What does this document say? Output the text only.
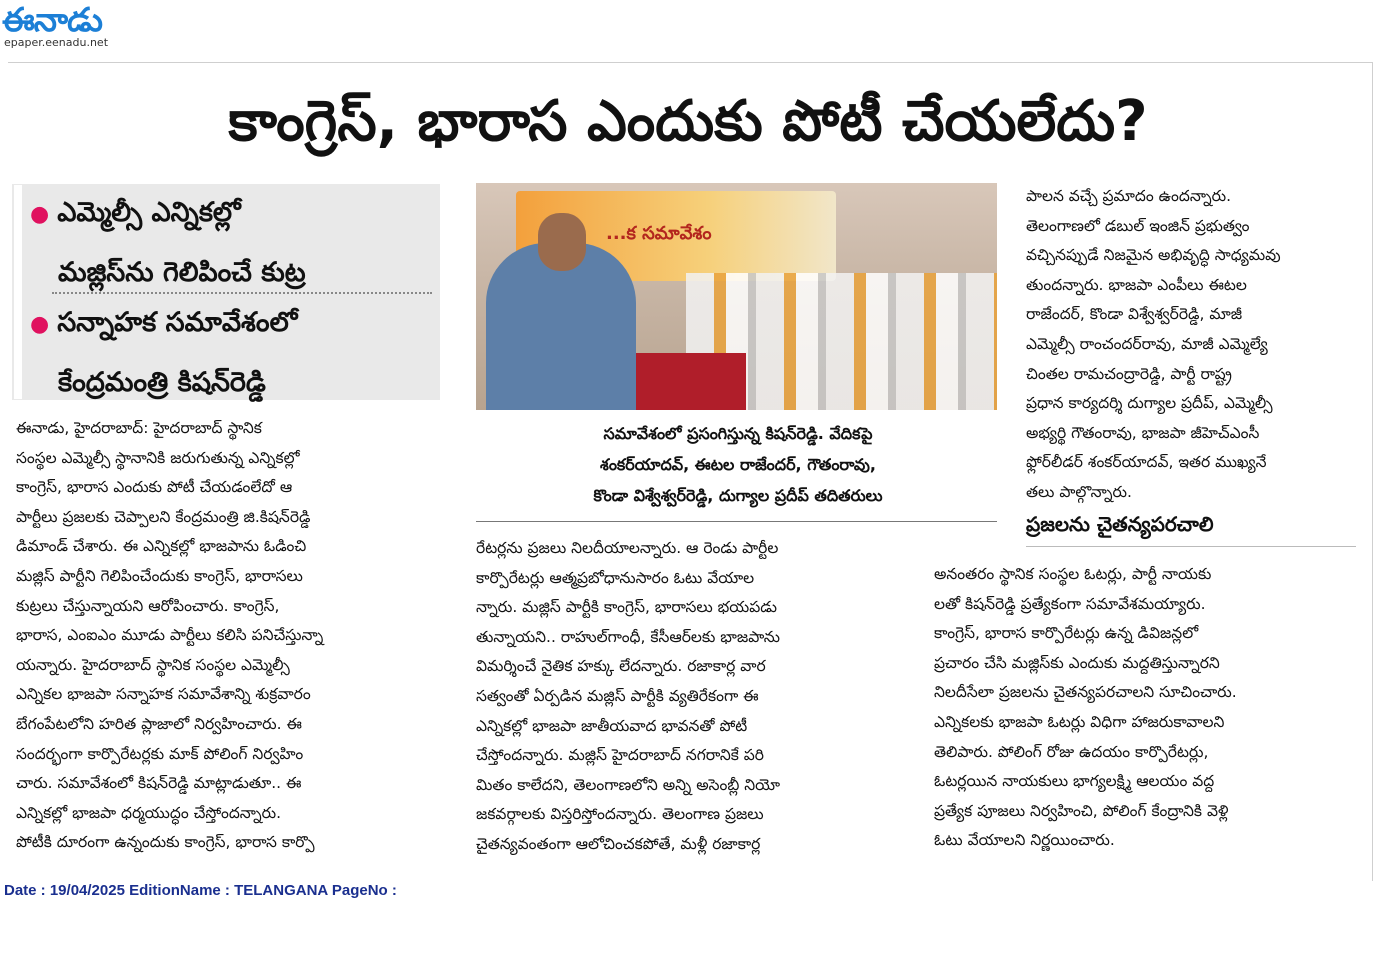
ఈనాడు
epaper.eenadu.net
కాంగ్రెస్, భారాస ఎందుకు పోటీ చేయలేదు?
● ఎమ్మెల్సీ ఎన్నికల్లో
మజ్లిస్‌ను గెలిపించే కుట్ర
● సన్నాహక సమావేశంలో
కేంద్రమంత్రి కిషన్‌రెడ్డి
...క సమావేశం
సమావేశంలో ప్రసంగిస్తున్న కిషన్‌రెడ్డి. వేదికపై
శంకర్‌యాదవ్, ఈటల రాజేందర్, గౌతంరావు,
కొండా విశ్వేశ్వర్‌రెడ్డి, దుగ్యాల ప్రదీప్ తదితరులు

ఈనాడు, హైదరాబాద్: హైదరాబాద్ స్థానిక

సంస్థల ఎమ్మెల్సీ స్థానానికి జరుగుతున్న ఎన్నికల్లో

కాంగ్రెస్, భారాస ఎందుకు పోటీ చేయడంలేదో ఆ

పార్టీలు ప్రజలకు చెప్పాలని కేంద్రమంత్రి జి.కిషన్‌రెడ్డి

డిమాండ్ చేశారు. ఈ ఎన్నికల్లో భాజపాను ఓడించి

మజ్లిస్ పార్టీని గెలిపించేందుకు కాంగ్రెస్, భారాసలు

కుట్రలు చేస్తున్నాయని ఆరోపించారు. కాంగ్రెస్,

భారాస, ఎంఐఎం మూడు పార్టీలు కలిసి పనిచేస్తున్నా

యన్నారు. హైదరాబాద్ స్థానిక సంస్థల ఎమ్మెల్సీ

ఎన్నికల భాజపా సన్నాహక సమావేశాన్ని శుక్రవారం

బేగంపేటలోని హరిత ప్లాజాలో నిర్వహించారు. ఈ

సందర్భంగా కార్పొరేటర్లకు మాక్ పోలింగ్ నిర్వహిం

చారు. సమావేశంలో కిషన్‌రెడ్డి మాట్లాడుతూ.. ఈ

ఎన్నికల్లో భాజపా ధర్మయుద్ధం చేస్తోందన్నారు.

పోటీకి దూరంగా ఉన్నందుకు కాంగ్రెస్, భారాస కార్పొ

రేటర్లను ప్రజలు నిలదీయాలన్నారు. ఆ రెండు పార్టీల

కార్పొరేటర్లు ఆత్మప్రబోధానుసారం ఓటు వేయాల

న్నారు. మజ్లిస్ పార్టీకి కాంగ్రెస్, భారాసలు భయపడు

తున్నాయని.. రాహుల్‌గాంధీ, కేసీఆర్‌లకు భాజపాను

విమర్శించే నైతిక హక్కు లేదన్నారు. రజాకార్ల వార

సత్వంతో ఏర్పడిన మజ్లిస్ పార్టీకి వ్యతిరేకంగా ఈ

ఎన్నికల్లో భాజపా జాతీయవాద భావనతో పోటీ

చేస్తోందన్నారు. మజ్లిస్ హైదరాబాద్ నగరానికే పరి

మితం కాలేదని, తెలంగాణలోని అన్ని అసెంబ్లీ నియో

జకవర్గాలకు విస్తరిస్తోందన్నారు. తెలంగాణ ప్రజలు

చైతన్యవంతంగా ఆలోచించకపోతే, మళ్లీ రజాకార్ల

పాలన వచ్చే ప్రమాదం ఉందన్నారు.

తెలంగాణలో డబుల్ ఇంజిన్ ప్రభుత్వం

వచ్చినప్పుడే నిజమైన అభివృద్ధి సాధ్యమవు

తుందన్నారు. భాజపా ఎంపీలు ఈటల

రాజేందర్, కొండా విశ్వేశ్వర్‌రెడ్డి, మాజీ

ఎమ్మెల్సీ రాంచందర్‌రావు, మాజీ ఎమ్మెల్యే

చింతల రామచంద్రారెడ్డి, పార్టీ రాష్ట్ర

ప్రధాన కార్యదర్శి దుగ్యాల ప్రదీప్, ఎమ్మెల్సీ

అభ్యర్థి గౌతంరావు, భాజపా జీహెచ్ఎంసీ

ఫ్లోర్‌లీడర్ శంకర్‌యాదవ్, ఇతర ముఖ్యనే

తలు పాల్గొన్నారు.

ప్రజలను చైతన్యపరచాలి

అనంతరం స్థానిక సంస్థల ఓటర్లు, పార్టీ నాయకు

లతో కిషన్‌రెడ్డి ప్రత్యేకంగా సమావేశమయ్యారు.

కాంగ్రెస్, భారాస కార్పొరేటర్లు ఉన్న డివిజన్లలో

ప్రచారం చేసి మజ్లిస్‌కు ఎందుకు మద్దతిస్తున్నారని

నిలదీసేలా ప్రజలను చైతన్యపరచాలని సూచించారు.

ఎన్నికలకు భాజపా ఓటర్లు విధిగా హాజరుకావాలని

తెలిపారు. పోలింగ్ రోజు ఉదయం కార్పొరేటర్లు,

ఓటర్లయిన నాయకులు భాగ్యలక్ష్మి ఆలయం వద్ద

ప్రత్యేక పూజలు నిర్వహించి, పోలింగ్ కేంద్రానికి వెళ్లి

ఓటు వేయాలని నిర్ణయించారు.

Date : 19/04/2025 EditionName : TELANGANA PageNo :
